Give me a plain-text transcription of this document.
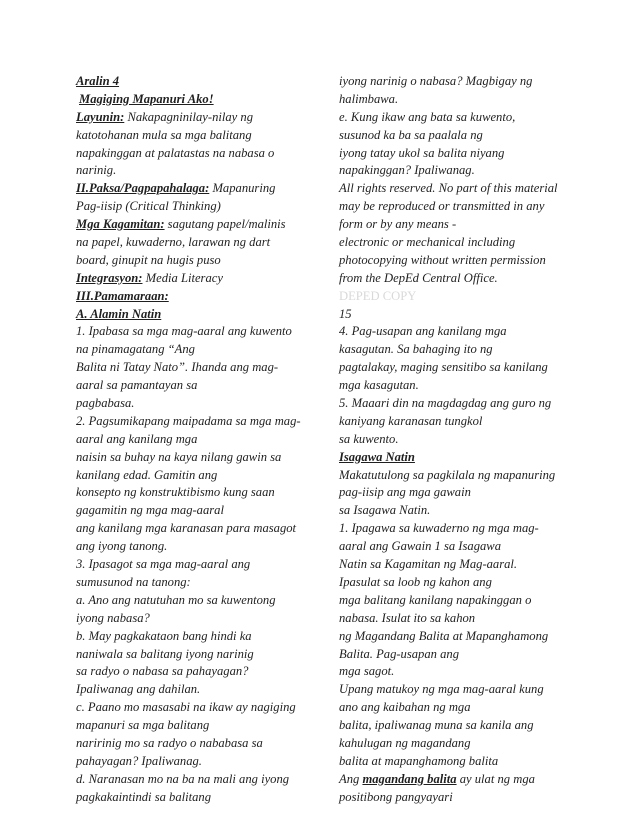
Aralin 4
Magiging Mapanuri Ako!
Layunin: Nakapagninilay-nilay ng
katotohanan mula sa mga balitang
napakinggan at palatastas na nabasa o
narinig.
II.Paksa/Pagpapahalaga: Mapanuring
Pag-iisip (Critical Thinking)
Mga Kagamitan: sagutang papel/malinis
na papel, kuwaderno, larawan ng dart
board, ginupit na hugis puso
Integrasyon: Media Literacy
III.Pamamaraan:
A. Alamin Natin
1. Ipabasa sa mga mag-aaral ang kuwento
na pinamagatang “Ang
Balita ni Tatay Nato”. Ihanda ang mag-
aaral sa pamantayan sa
pagbabasa.
2. Pagsumikapang maipadama sa mga mag-
aaral ang kanilang mga
naisin sa buhay na kaya nilang gawin sa
kanilang edad. Gamitin ang
konsepto ng konstruktibismo kung saan
gagamitin ng mga mag-aaral
ang kanilang mga karanasan para masagot
ang iyong tanong.
3. Ipasagot sa mga mag-aaral ang
sumusunod na tanong:
a. Ano ang natutuhan mo sa kuwentong
iyong nabasa?
b. May pagkakataon bang hindi ka
naniwala sa balitang iyong narinig
sa radyo o nabasa sa pahayagan?
Ipaliwanag ang dahilan.
c. Paano mo masasabi na ikaw ay nagiging
mapanuri sa mga balitang
naririnig mo sa radyo o nababasa sa
pahayagan? Ipaliwanag.
d. Naranasan mo na ba na mali ang iyong
pagkakaintindi sa balitang
iyong narinig o nabasa? Magbigay ng
halimbawa.
e. Kung ikaw ang bata sa kuwento,
susunod ka ba sa paalala ng
iyong tatay ukol sa balita niyang
napakinggan? Ipaliwanag.
All rights reserved. No part of this material
may be reproduced or transmitted in any
form or by any means -
electronic or mechanical including
photocopying without written permission
from the DepEd Central Office.
DEPED COPY
15
4. Pag-usapan ang kanilang mga
kasagutan. Sa bahaging ito ng
pagtalakay, maging sensitibo sa kanilang
mga kasagutan.
5. Maaari din na magdagdag ang guro ng
kaniyang karanasan tungkol
sa kuwento.
Isagawa Natin
Makatutulong sa pagkilala ng mapanuring
pag-iisip ang mga gawain
sa Isagawa Natin.
1. Ipagawa sa kuwaderno ng mga mag-
aaral ang Gawain 1 sa Isagawa
Natin sa Kagamitan ng Mag-aaral.
Ipasulat sa loob ng kahon ang
mga balitang kanilang napakinggan o
nabasa. Isulat ito sa kahon
ng Magandang Balita at Mapanghamong
Balita. Pag-usapan ang
mga sagot.
Upang matukoy ng mga mag-aaral kung
ano ang kaibahan ng mga
balita, ipaliwanag muna sa kanila ang
kahulugan ng magandang
balita at mapanghamong balita
Ang magandang balita ay ulat ng mga
positibong pangyayari
